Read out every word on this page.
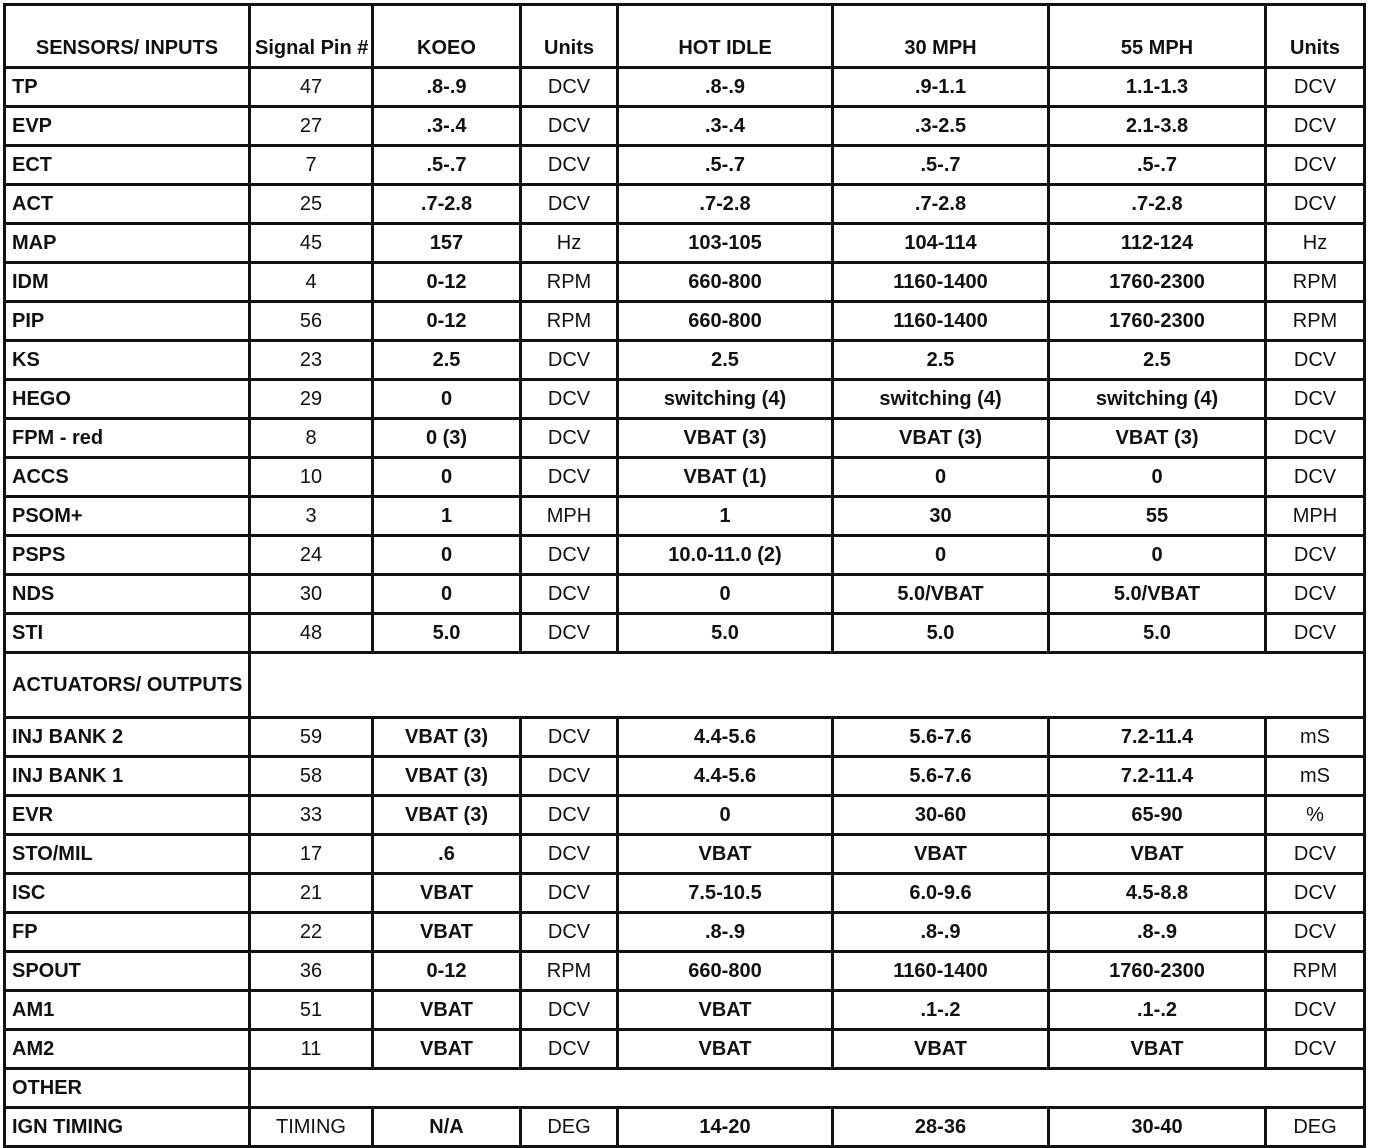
SENSORS/ INPUTS	Signal Pin #	KOEO	Units	HOT IDLE	30 MPH	55 MPH	Units
TP	47	.8-.9	DCV	.8-.9	.9-1.1	1.1-1.3	DCV
EVP	27	.3-.4	DCV	.3-.4	.3-2.5	2.1-3.8	DCV
ECT	7	.5-.7	DCV	.5-.7	.5-.7	.5-.7	DCV
ACT	25	.7-2.8	DCV	.7-2.8	.7-2.8	.7-2.8	DCV
MAP	45	157	Hz	103-105	104-114	112-124	Hz
IDM	4	0-12	RPM	660-800	1160-1400	1760-2300	RPM
PIP	56	0-12	RPM	660-800	1160-1400	1760-2300	RPM
KS	23	2.5	DCV	2.5	2.5	2.5	DCV
HEGO	29	0	DCV	switching (4)	switching (4)	switching (4)	DCV
FPM - red	8	0 (3)	DCV	VBAT (3)	VBAT (3)	VBAT (3)	DCV
ACCS	10	0	DCV	VBAT (1)	0	0	DCV
PSOM+	3	1	MPH	1	30	55	MPH
PSPS	24	0	DCV	10.0-11.0 (2)	0	0	DCV
NDS	30	0	DCV	0	5.0/VBAT	5.0/VBAT	DCV
STI	48	5.0	DCV	5.0	5.0	5.0	DCV
ACTUATORS/ OUTPUTS							
INJ BANK 2	59	VBAT (3)	DCV	4.4-5.6	5.6-7.6	7.2-11.4	mS
INJ BANK 1	58	VBAT (3)	DCV	4.4-5.6	5.6-7.6	7.2-11.4	mS
EVR	33	VBAT (3)	DCV	0	30-60	65-90	%
STO/MIL	17	.6	DCV	VBAT	VBAT	VBAT	DCV
ISC	21	VBAT	DCV	7.5-10.5	6.0-9.6	4.5-8.8	DCV
FP	22	VBAT	DCV	.8-.9	.8-.9	.8-.9	DCV
SPOUT	36	0-12	RPM	660-800	1160-1400	1760-2300	RPM
AM1	51	VBAT	DCV	VBAT	.1-.2	.1-.2	DCV
AM2	11	VBAT	DCV	VBAT	VBAT	VBAT	DCV
OTHER							
IGN TIMING	TIMING	N/A	DEG	14-20	28-36	30-40	DEG
